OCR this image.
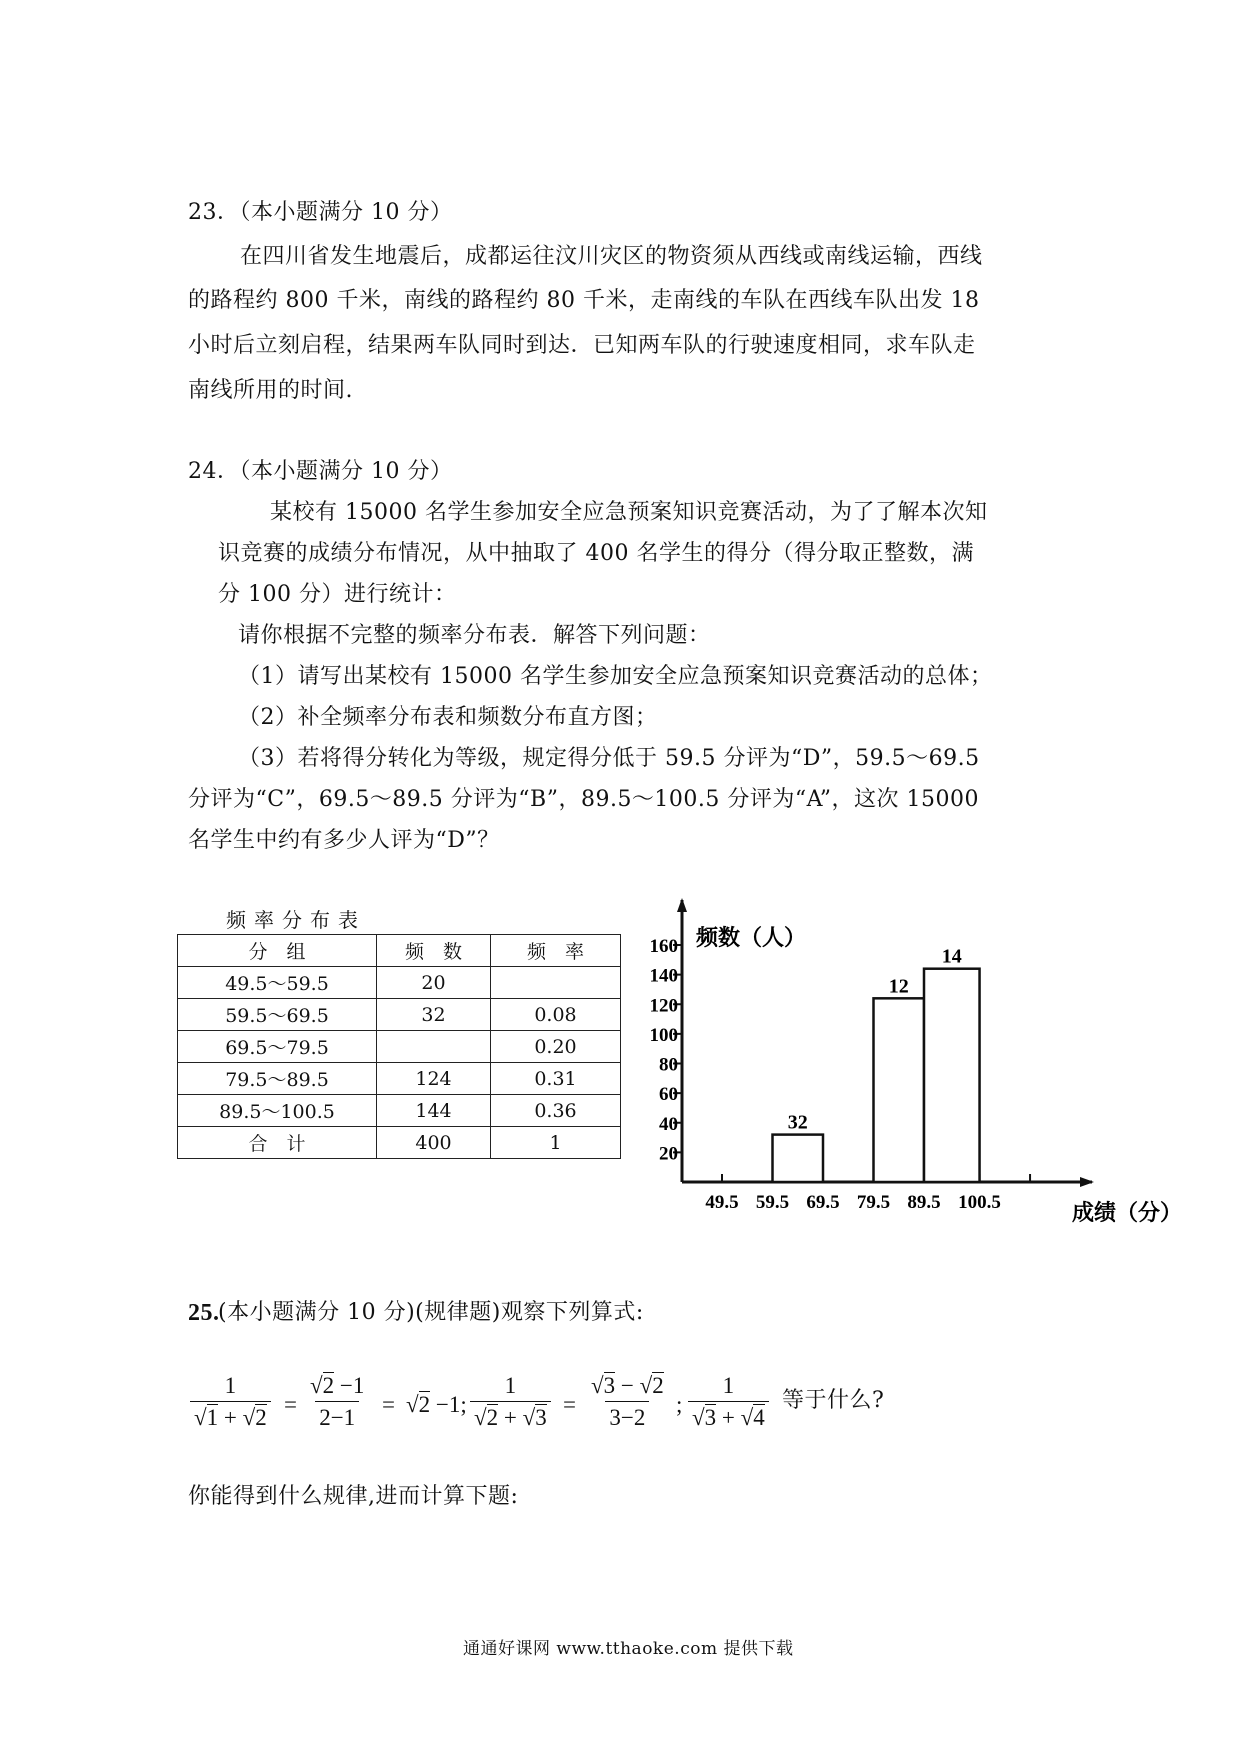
23．（本小题满分 10 分）
在四川省发生地震后，成都运往汶川灾区的物资须从西线或南线运输，西线
的路程约 800 千米，南线的路程约 80 千米，走南线的车队在西线车队出发 18
小时后立刻启程，结果两车队同时到达．已知两车队的行驶速度相同，求车队走
南线所用的时间.
24．（本小题满分 10 分）
某校有 15000 名学生参加安全应急预案知识竞赛活动，为了了解本次知
识竞赛的成绩分布情况，从中抽取了 400 名学生的得分（得分取正整数，满
分 100 分）进行统计：
请你根据不完整的频率分布表．解答下列问题：
（1）请写出某校有 15000 名学生参加安全应急预案知识竞赛活动的总体；
（2）补全频率分布表和频数分布直方图；
（3）若将得分转化为等级，规定得分低于 59.5 分评为“D”，59.5～69.5
分评为“C”，69.5～89.5 分评为“B”，89.5～100.5 分评为“A”，这次 15000
名学生中约有多少人评为“D”？
频率分布表
分　组	频　数	频　率
49.5～59.5	20	
59.5～69.5	32	0.08
69.5～79.5		0.20
79.5～89.5	124	0.31
89.5～100.5	144	0.36
合　计	400	1
频数（人）
成绩（分）
20
40
60
80
100
120
140
160
49.5 59.5 69.5 79.5 89.5 100.5
32
12
14
25.
(本小题满分 10 分)(规律题)观察下列算式:
$\frac{1}{√1 + √2} = \frac{√2 -1}{2-1} = √2 -1$; $\frac{1}{√2 + √3} = \frac{√3 - √2}{3-2}$ ; $\frac{1}{√3 + √4}$ 等于什么?
你能得到什么规律,进而计算下题:
通通好课网 www.tthaoke.com 提供下载
